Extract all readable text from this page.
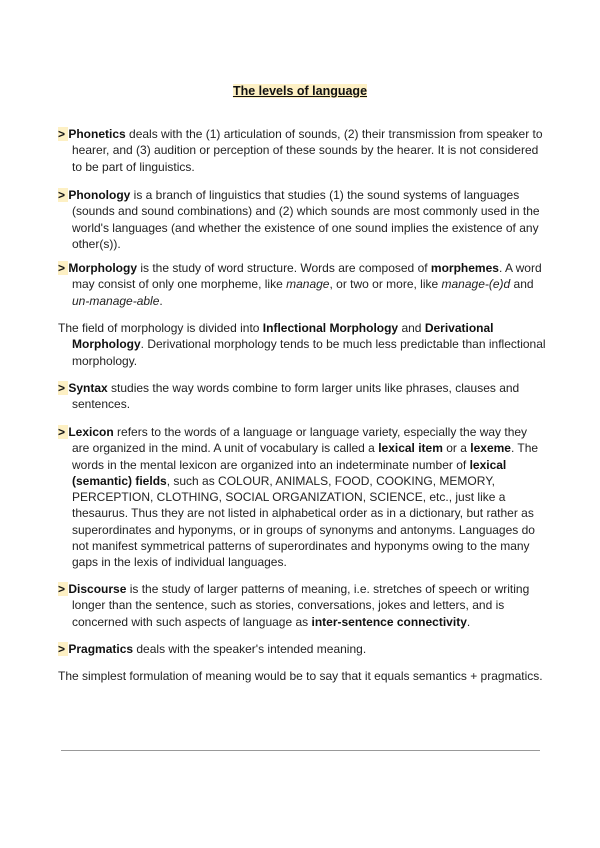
The levels of language
> Phonetics deals with the (1) articulation of sounds, (2) their transmission from speaker to hearer, and (3) audition or perception of these sounds by the hearer. It is not considered to be part of linguistics.
> Phonology is a branch of linguistics that studies (1) the sound systems of languages (sounds and sound combinations) and (2) which sounds are most commonly used in the world's languages (and whether the existence of one sound implies the existence of any other(s)).
> Morphology is the study of word structure. Words are composed of morphemes. A word may consist of only one morpheme, like manage, or two or more, like manage-(e)d and un-manage-able.
The field of morphology is divided into Inflectional Morphology and Derivational Morphology. Derivational morphology tends to be much less predictable than inflectional morphology.
> Syntax studies the way words combine to form larger units like phrases, clauses and sentences.
> Lexicon refers to the words of a language or language variety, especially the way they are organized in the mind. A unit of vocabulary is called a lexical item or a lexeme. The words in the mental lexicon are organized into an indeterminate number of lexical (semantic) fields, such as COLOUR, ANIMALS, FOOD, COOKING, MEMORY, PERCEPTION, CLOTHING, SOCIAL ORGANIZATION, SCIENCE, etc., just like a thesaurus. Thus they are not listed in alphabetical order as in a dictionary, but rather as superordinates and hyponyms, or in groups of synonyms and antonyms. Languages do not manifest symmetrical patterns of superordinates and hyponyms owing to the many gaps in the lexis of individual languages.
> Discourse is the study of larger patterns of meaning, i.e. stretches of speech or writing longer than the sentence, such as stories, conversations, jokes and letters, and is concerned with such aspects of language as inter-sentence connectivity.
> Pragmatics deals with the speaker's intended meaning.
The simplest formulation of meaning would be to say that it equals semantics + pragmatics.
